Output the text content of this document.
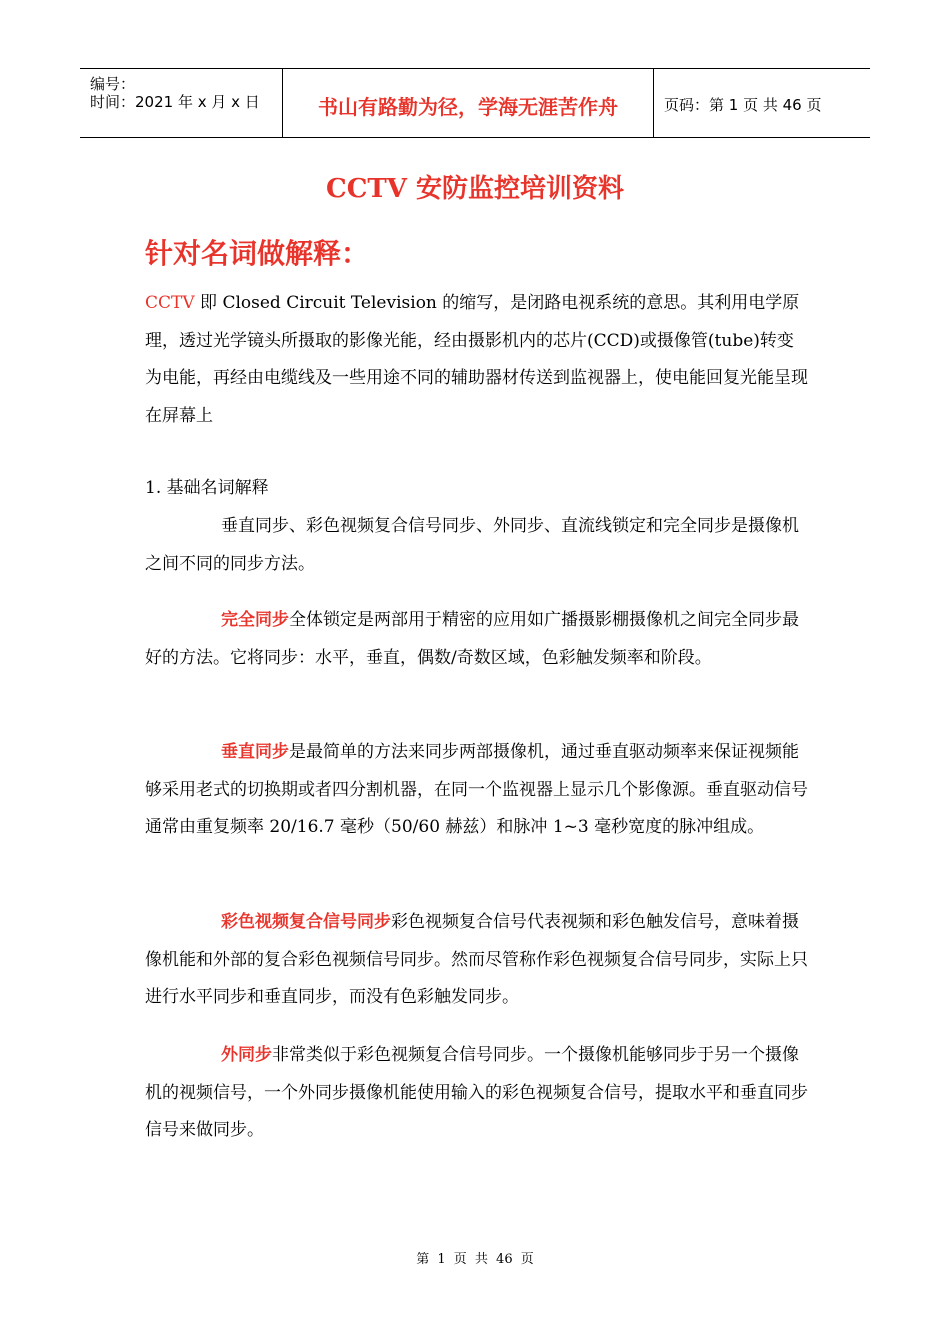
编号：
时间：2021 年 x 月 x 日	书山有路勤为径，学海无涯苦作舟	页码：第 1 页 共 46 页
CCTV 安防监控培训资料
针对名词做解释：
CCTV 即 Closed Circuit Television 的缩写，是闭路电视系统的意思。其利用电学原理，透过光学镜头所摄取的影像光能，经由摄影机内的芯片(CCD)或摄像管(tube)转变为电能，再经由电缆线及一些用途不同的辅助器材传送到监视器上，使电能回复光能呈现在屏幕上
1. 基础名词解释
垂直同步、彩色视频复合信号同步、外同步、直流线锁定和完全同步是摄像机之间不同的同步方法。
完全同步全体锁定是两部用于精密的应用如广播摄影棚摄像机之间完全同步最好的方法。它将同步：水平，垂直，偶数/奇数区域，色彩触发频率和阶段。
垂直同步是最简单的方法来同步两部摄像机，通过垂直驱动频率来保证视频能够采用老式的切换期或者四分割机器，在同一个监视器上显示几个影像源。垂直驱动信号通常由重复频率 20/16.7 毫秒（50/60 赫兹）和脉冲 1~3 毫秒宽度的脉冲组成。
彩色视频复合信号同步彩色视频复合信号代表视频和彩色触发信号，意味着摄像机能和外部的复合彩色视频信号同步。然而尽管称作彩色视频复合信号同步，实际上只进行水平同步和垂直同步，而没有色彩触发同步。
外同步非常类似于彩色视频复合信号同步。一个摄像机能够同步于另一个摄像机的视频信号，一个外同步摄像机能使用输入的彩色视频复合信号，提取水平和垂直同步信号来做同步。
第 1 页 共 46 页
